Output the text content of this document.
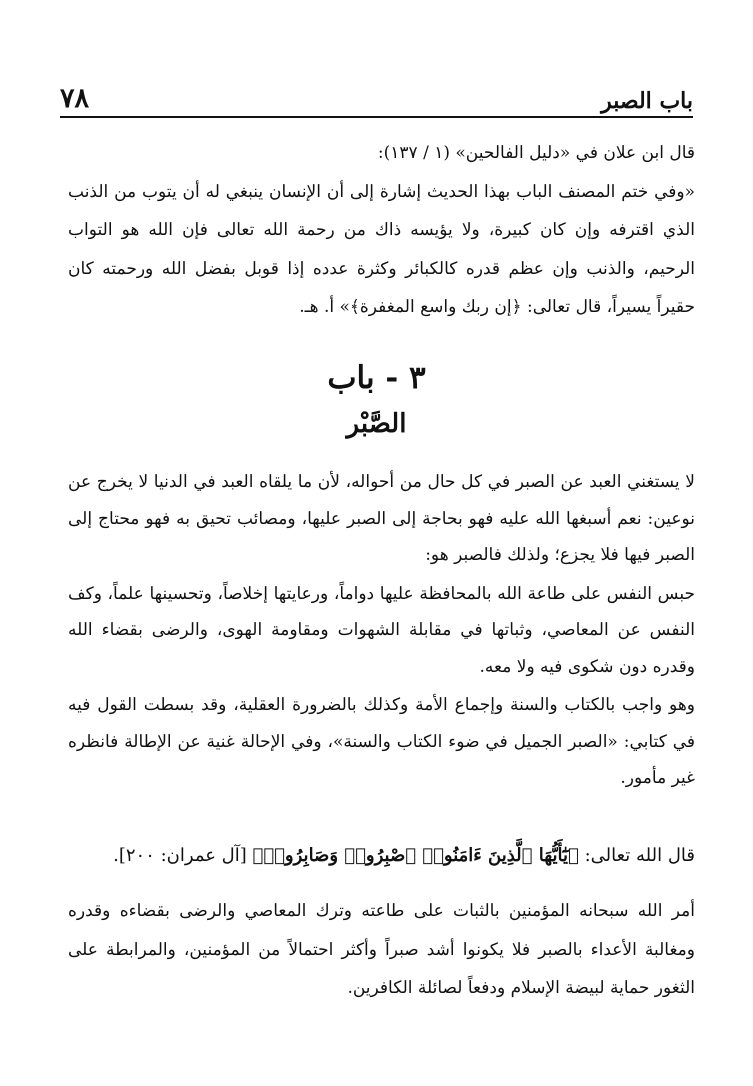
٧٨	باب الصبر

قال ابن علان في «دليل الفالحين» (١ / ١٣٧):

«وفي ختم المصنف الباب بهذا الحديث إشارة إلى أن الإنسان ينبغي له أن يتوب من الذنب الذي اقترفه وإن كان كبيرة، ولا يؤيسه ذاك من رحمة الله تعالى فإن الله هو التواب الرحيم، والذنب وإن عظم قدره كالكبائر وكثرة عدده إذا قوبل بفضل الله ورحمته كان حقيراً يسيراً، قال تعالى: ﴿إن ربك واسع المغفرة﴾» أ. هـ.

٣ - باب
الصَّبْر

لا يستغني العبد عن الصبر في كل حال من أحواله، لأن ما يلقاه العبد في الدنيا لا يخرج عن نوعين: نعم أسبغها الله عليه فهو بحاجة إلى الصبر عليها، ومصائب تحيق به فهو محتاج إلى الصبر فيها فلا يجزع؛ ولذلك فالصبر هو:

حبس النفس على طاعة الله بالمحافظة عليها دواماً، ورعايتها إخلاصاً، وتحسينها علماً، وكف النفس عن المعاصي، وثباتها في مقابلة الشهوات ومقاومة الهوى، والرضى بقضاء الله وقدره دون شكوى فيه ولا معه.

وهو واجب بالكتاب والسنة وإجماع الأمة وكذلك بالضرورة العقلية، وقد بسطت القول فيه في كتابي: «الصبر الجميل في ضوء الكتاب والسنة»، وفي الإحالة غنية عن الإطالة فانظره غير مأمور.

قال الله تعالى: ﴿يَٰٓأَيُّهَا ٱلَّذِينَ ءَامَنُوا۟ ٱصْبِرُوا۟ وَصَابِرُوا۟﴾ [آل عمران: ٢٠٠].

أمر الله سبحانه المؤمنين بالثبات على طاعته وترك المعاصي والرضى بقضاءه وقدره ومغالبة الأعداء بالصبر فلا يكونوا أشد صبراً وأكثر احتمالاً من المؤمنين، والمرابطة على الثغور حماية لبيضة الإسلام ودفعاً لصائلة الكافرين.
